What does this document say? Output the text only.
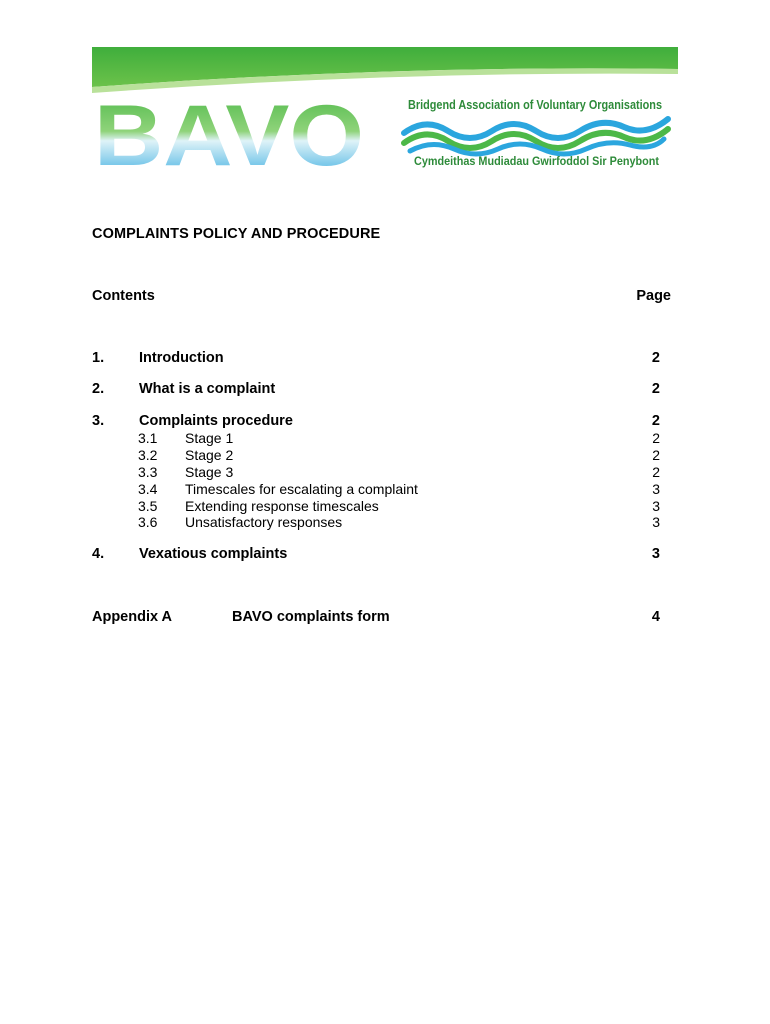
BAVO	Bridgend Association of Voluntary Organisations
Cymdeithas Mudiadau Gwirfoddol Sir Penybont
COMPLAINTS POLICY AND PROCEDURE
Contents	Page
1. Introduction	2
2. What is a complaint	2
3. Complaints procedure	2
3.1 Stage 1	2
3.2 Stage 2	2
3.3 Stage 3	2
3.4 Timescales for escalating a complaint	3
3.5 Extending response timescales	3
3.6 Unsatisfactory responses	3
4. Vexatious complaints	3
Appendix A	BAVO complaints form	4
